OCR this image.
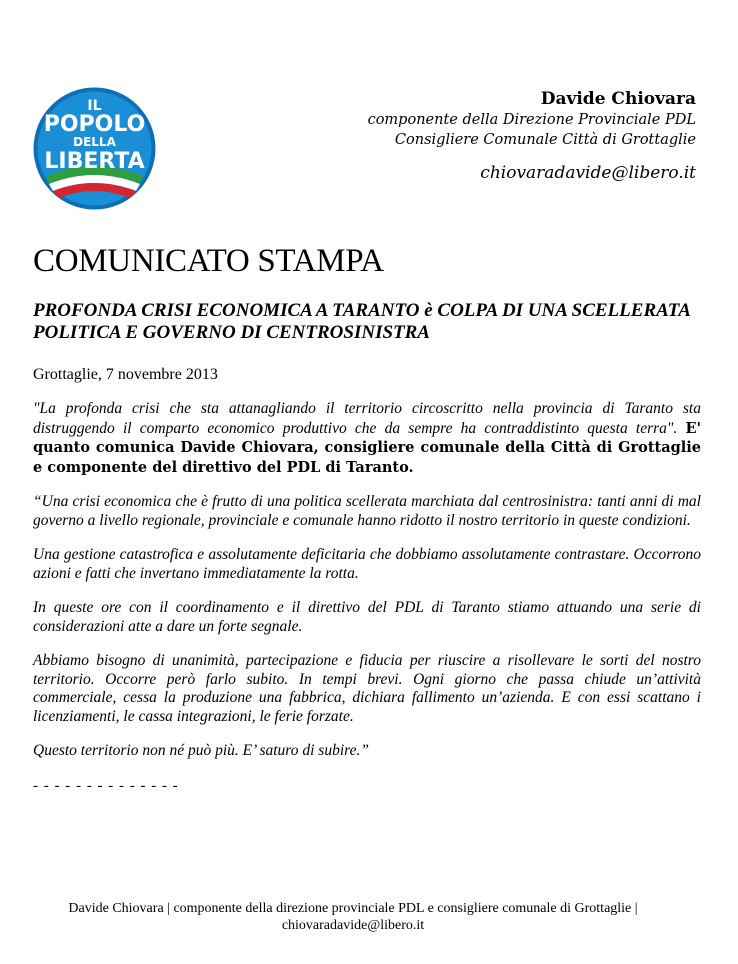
IL
POPOLO
DELLA
LIBERTA
Davide Chiovara
componente della Direzione Provinciale PDL
Consigliere Comunale Città di Grottaglie
chiovaradavide@libero.it
COMUNICATO STAMPA
PROFONDA CRISI ECONOMICA A TARANTO è COLPA DI UNA SCELLERATA POLITICA E GOVERNO DI CENTROSINISTRA
Grottaglie, 7 novembre 2013

"La profonda crisi che sta attanagliando il territorio circoscritto nella provincia di Taranto sta distruggendo il comparto economico produttivo che da sempre ha contraddistinto questa terra". E' quanto comunica Davide Chiovara, consigliere comunale della Città di Grottaglie e componente del direttivo del PDL di Taranto.

“Una crisi economica che è frutto di una politica scellerata marchiata dal centrosinistra: tanti anni di mal governo a livello regionale, provinciale e comunale hanno ridotto il nostro territorio in queste condizioni.

Una gestione catastrofica e assolutamente deficitaria che dobbiamo assolutamente contrastare. Occorrono azioni e fatti che invertano immediatamente la rotta.

In queste ore con il coordinamento e il direttivo del PDL di Taranto stiamo attuando una serie di considerazioni atte a dare un forte segnale.

Abbiamo bisogno di unanimità, partecipazione e fiducia per riuscire a risollevare le sorti del nostro territorio. Occorre però farlo subito. In tempi brevi. Ogni giorno che passa chiude un’attività commerciale, cessa la produzione una fabbrica, dichiara fallimento un’azienda. E con essi scattano i licenziamenti, le cassa integrazioni, le ferie forzate.

Questo territorio non né può più. E’ saturo di subire.”

- - - - - - - - - - - - - -

Davide Chiovara | componente della direzione provinciale PDL e consigliere comunale di Grottaglie |
chiovaradavide@libero.it
